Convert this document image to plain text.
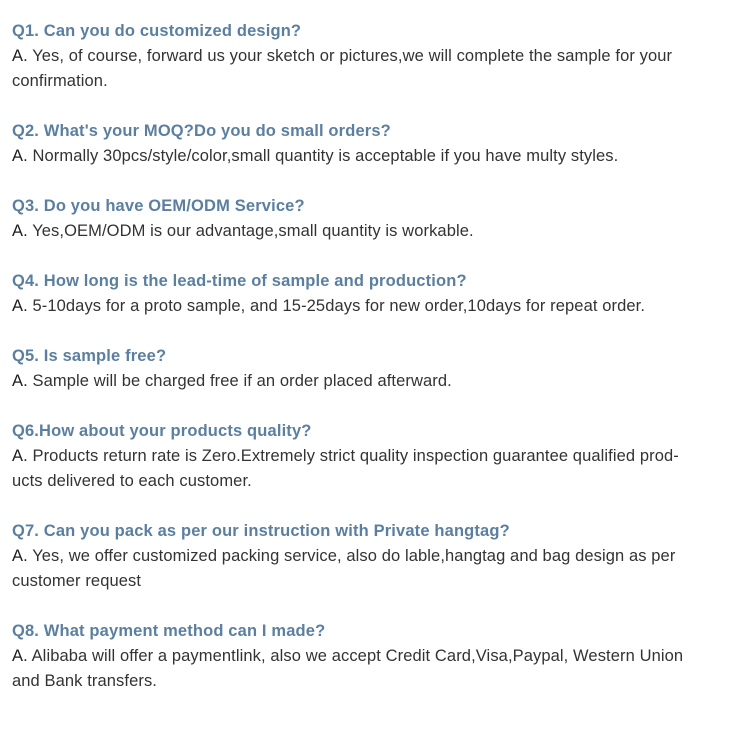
Q1. Can you do customized design?
A. Yes, of course, forward us your sketch or pictures,we will complete the sample for your
confirmation.
Q2. What's your MOQ?Do you do small orders?
A. Normally 30pcs/style/color,small quantity is acceptable if you have multy styles.
Q3. Do you have OEM/ODM Service?
A. Yes,OEM/ODM is our advantage,small quantity is workable.
Q4. How long is the lead-time of sample and production?
A. 5-10days for a proto sample, and 15-25days for new order,10days for repeat order.
Q5. Is sample free?
A. Sample will be charged free if an order placed afterward.
Q6.How about your products quality?
A. Products return rate is Zero.Extremely strict quality inspection guarantee qualified prod-
ucts delivered to each customer.
Q7. Can you pack as per our instruction with Private hangtag?
A. Yes, we offer customized packing service, also do lable,hangtag and bag design as per
customer request
Q8. What payment method can I made?
A. Alibaba will offer a paymentlink, also we accept Credit Card,Visa,Paypal, Western Union
and Bank transfers.
